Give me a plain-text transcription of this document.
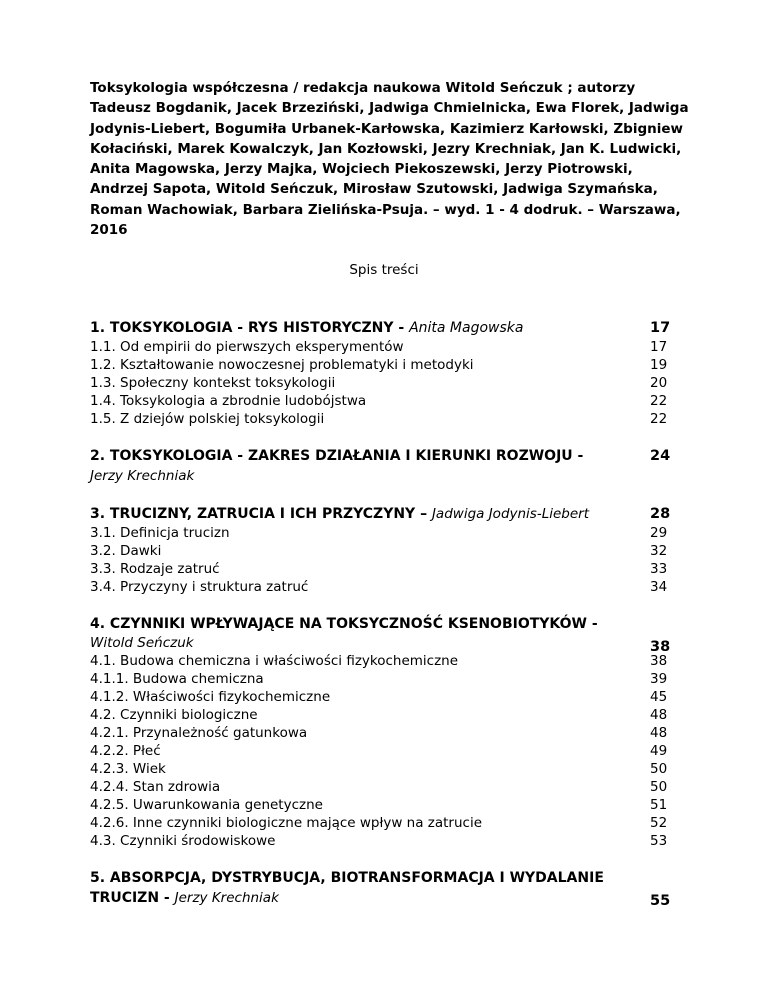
Toksykologia współczesna / redakcja naukowa Witold Seńczuk ; autorzy Tadeusz Bogdanik, Jacek Brzeziński, Jadwiga Chmielnicka, Ewa Florek, Jadwiga Jodynis-Liebert, Bogumiła Urbanek-Karłowska, Kazimierz Karłowski, Zbigniew Kołaciński, Marek Kowalczyk, Jan Kozłowski, Jezry Krechniak, Jan K. Ludwicki, Anita Magowska, Jerzy Majka, Wojciech Piekoszewski, Jerzy Piotrowski, Andrzej Sapota, Witold Seńczuk, Mirosław Szutowski, Jadwiga Szymańska, Roman Wachowiak, Barbara Zielińska-Psuja. – wyd. 1 - 4 dodruk. – Warszawa, 2016
Spis treści
1. TOKSYKOLOGIA - RYS HISTORYCZNY - Anita Magowska	17
1.1. Od empirii do pierwszych eksperymentów	17
1.2. Kształtowanie nowoczesnej problematyki i metodyki	19
1.3. Społeczny kontekst toksykologii	20
1.4. Toksykologia a zbrodnie ludobójstwa	22
1.5. Z dziejów polskiej toksykologii	22
2. TOKSYKOLOGIA - ZAKRES DZIAŁANIA I KIERUNKI ROZWOJU -
Jerzy Krechniak
24
3. TRUCIZNY, ZATRUCIA I ICH PRZYCZYNY – Jadwiga Jodynis-Liebert	28
3.1. Definicja trucizn	29
3.2. Dawki	32
3.3. Rodzaje zatruć	33
3.4. Przyczyny i struktura zatruć	34
4. CZYNNIKI WPŁYWAJĄCE NA TOKSYCZNOŚĆ KSENOBIOTYKÓW -
Witold Seńczuk	38
4.1. Budowa chemiczna i właściwości fizykochemiczne	38
4.1.1. Budowa chemiczna	39
4.1.2. Właściwości fizykochemiczne	45
4.2. Czynniki biologiczne	48
4.2.1. Przynależność gatunkowa	48
4.2.2. Płeć	49
4.2.3. Wiek	50
4.2.4. Stan zdrowia	50
4.2.5. Uwarunkowania genetyczne	51
4.2.6. Inne czynniki biologiczne mające wpływ na zatrucie	52
4.3. Czynniki środowiskowe	53
5. ABSORPCJA, DYSTRYBUCJA, BIOTRANSFORMACJA I WYDALANIE
TRUCIZN - Jerzy Krechniak	55
